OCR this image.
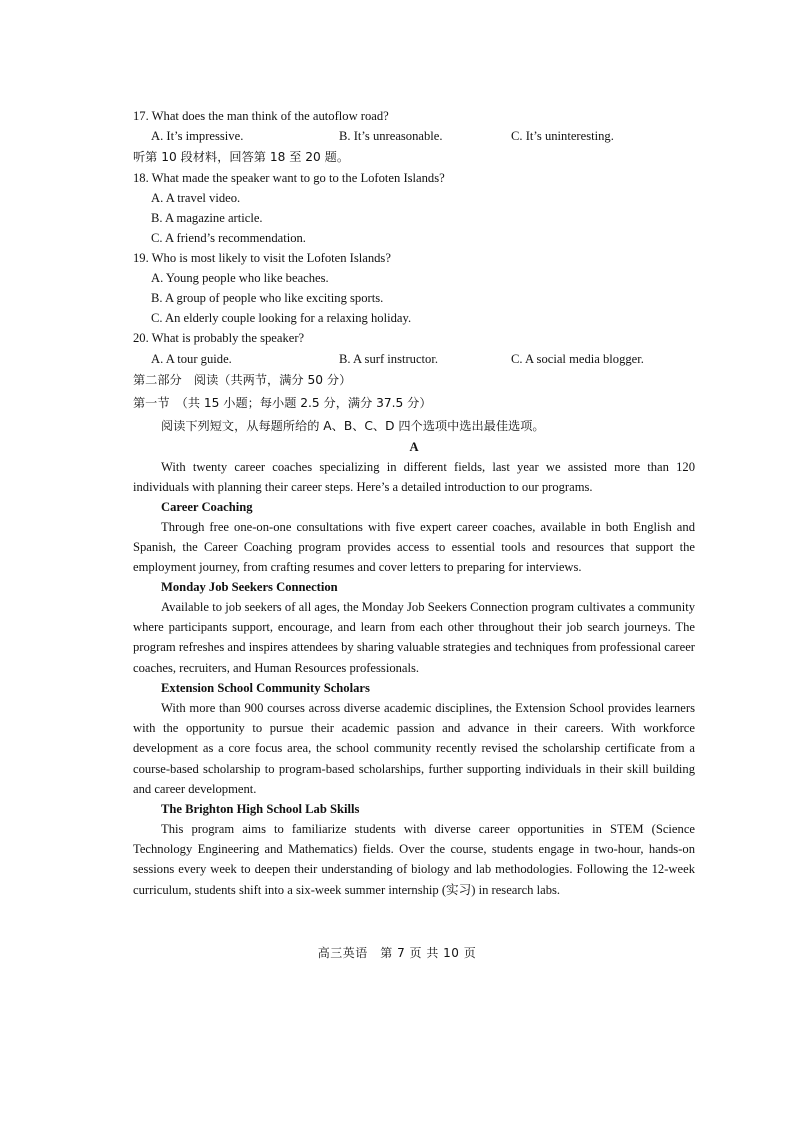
17. What does the man think of the autoflow road?
A. It’s impressive.	B. It’s unreasonable.	C. It’s uninteresting.
听第 10 段材料，回答第 18 至 20 题。
18. What made the speaker want to go to the Lofoten Islands?
A. A travel video.
B. A magazine article.
C. A friend’s recommendation.
19. Who is most likely to visit the Lofoten Islands?
A. Young people who like beaches.
B. A group of people who like exciting sports.
C. An elderly couple looking for a relaxing holiday.
20. What is probably the speaker?
A. A tour guide.	B. A surf instructor.	C. A social media blogger.
第二部分　阅读（共两节，满分 50 分）
第一节　（共 15 小题；每小题 2.5 分，满分 37.5 分）
阅读下列短文，从每题所给的 A、B、C、D 四个选项中选出最佳选项。
A
With twenty career coaches specializing in different fields, last year we assisted more than 120 individuals with planning their career steps. Here’s a detailed introduction to our programs.
Career Coaching
Through free one-on-one consultations with five expert career coaches, available in both English and Spanish, the Career Coaching program provides access to essential tools and resources that support the employment journey, from crafting resumes and cover letters to preparing for interviews.
Monday Job Seekers Connection
Available to job seekers of all ages, the Monday Job Seekers Connection program cultivates a community where participants support, encourage, and learn from each other throughout their job search journeys. The program refreshes and inspires attendees by sharing valuable strategies and techniques from professional career coaches, recruiters, and Human Resources professionals.
Extension School Community Scholars
With more than 900 courses across diverse academic disciplines, the Extension School provides learners with the opportunity to pursue their academic passion and advance in their careers. With workforce development as a core focus area, the school community recently revised the scholarship certificate from a course-based scholarship to program-based scholarships, further supporting individuals in their skill building and career development.
The Brighton High School Lab Skills
This program aims to familiarize students with diverse career opportunities in STEM (Science Technology Engineering and Mathematics) fields. Over the course, students engage in two-hour, hands-on sessions every week to deepen their understanding of biology and lab methodologies. Following the 12-week curriculum, students shift into a six-week summer internship (实习) in research labs.
高三英语　第 7 页 共 10 页
